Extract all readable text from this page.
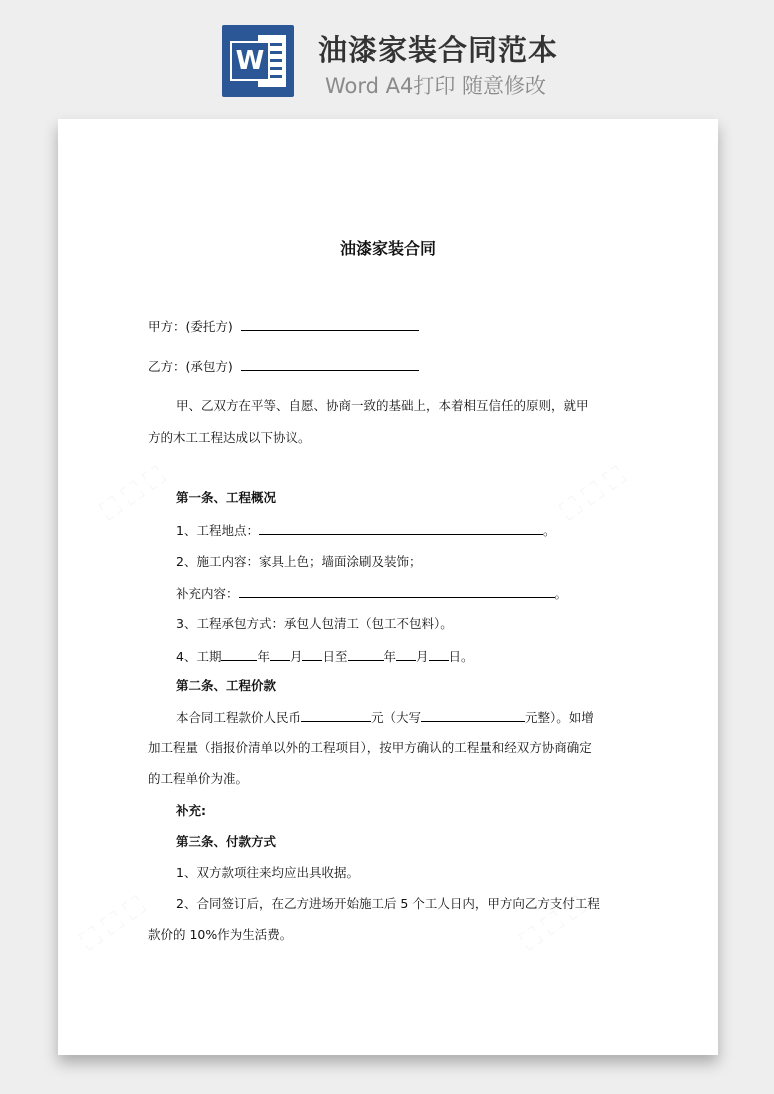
W 油漆家装合同范本
Word A4打印 随意修改
油漆家装合同
甲方：(委托方)
乙方：(承包方)
甲、乙双方在平等、自愿、协商一致的基础上，本着相互信任的原则，就甲
方的木工工程达成以下协议。
第一条、工程概况
1、工程地点：	。
2、施工内容：家具上色；墙面涂刷及装饰；
补充内容：	。
3、工程承包方式：承包人包清工（包工不包料）。
4、工期	年 月 日至	年 月 日。
第二条、工程价款
本合同工程款价人民币	元（大写	元整）。如增
加工程量（指报价清单以外的工程项目），按甲方确认的工程量和经双方协商确定
的工程单价为准。
补充:
第三条、付款方式
1、双方款项往来均应出具收据。
2、合同签订后，在乙方进场开始施工后 5 个工人日内，甲方向乙方支付工程
款价的 10%作为生活费。
